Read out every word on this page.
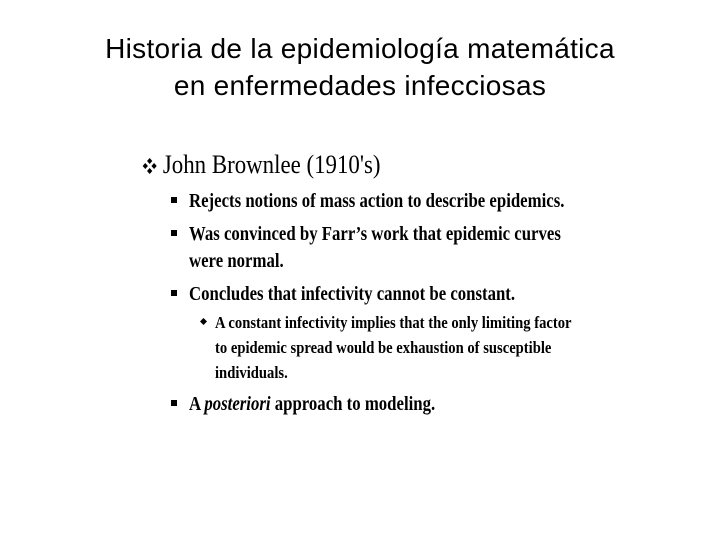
Historia de la epidemiología matemática
en enfermedades infecciosas
John Brownlee (1910's)
Rejects notions of mass action to describe epidemics.
Was convinced by Farr’s work that epidemic curves
were normal.
Concludes that infectivity cannot be constant.
A constant infectivity implies that the only limiting factor
to epidemic spread would be exhaustion of susceptible
individuals.
A posteriori approach to modeling.
